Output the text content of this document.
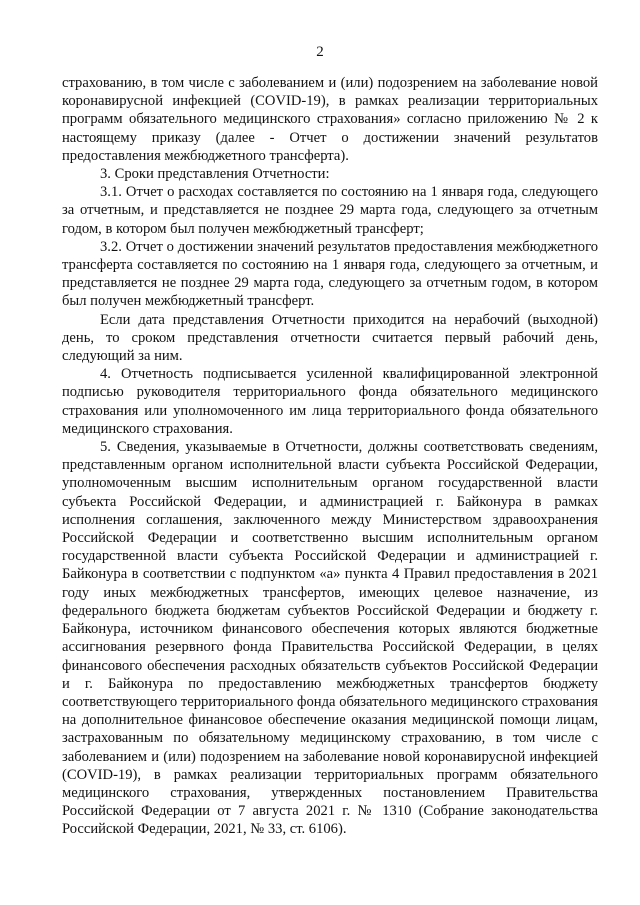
2

страхованию, в том числе с заболеванием и (или) подозрением на заболевание новой коронавирусной инфекцией (COVID-19), в рамках реализации территориальных программ обязательного медицинского страхования» согласно приложению № 2 к настоящему приказу (далее - Отчет о достижении значений результатов предоставления межбюджетного трансферта).

3. Сроки представления Отчетности:

3.1. Отчет о расходах составляется по состоянию на 1 января года, следующего за отчетным, и представляется не позднее 29 марта года, следующего за отчетным годом, в котором был получен межбюджетный трансферт;

3.2. Отчет о достижении значений результатов предоставления межбюджетного трансферта составляется по состоянию на 1 января года, следующего за отчетным, и представляется не позднее 29 марта года, следующего за отчетным годом, в котором был получен межбюджетный трансферт.

Если дата представления Отчетности приходится на нерабочий (выходной) день, то сроком представления отчетности считается первый рабочий день, следующий за ним.

4. Отчетность подписывается усиленной квалифицированной электронной подписью руководителя территориального фонда обязательного медицинского страхования или уполномоченного им лица территориального фонда обязательного медицинского страхования.

5. Сведения, указываемые в Отчетности, должны соответствовать сведениям, представленным органом исполнительной власти субъекта Российской Федерации, уполномоченным высшим исполнительным органом государственной власти субъекта Российской Федерации, и администрацией г. Байконура в рамках исполнения соглашения, заключенного между Министерством здравоохранения Российской Федерации и соответственно высшим исполнительным органом государственной власти субъекта Российской Федерации и администрацией г. Байконура в соответствии с подпунктом «а» пункта 4 Правил предоставления в 2021 году иных межбюджетных трансфертов, имеющих целевое назначение, из федерального бюджета бюджетам субъектов Российской Федерации и бюджету г. Байконура, источником финансового обеспечения которых являются бюджетные ассигнования резервного фонда Правительства Российской Федерации, в целях финансового обеспечения расходных обязательств субъектов Российской Федерации и г. Байконура по предоставлению межбюджетных трансфертов бюджету соответствующего территориального фонда обязательного медицинского страхования на дополнительное финансовое обеспечение оказания медицинской помощи лицам, застрахованным по обязательному медицинскому страхованию, в том числе с заболеванием и (или) подозрением на заболевание новой коронавирусной инфекцией (COVID-19), в рамках реализации территориальных программ обязательного медицинского страхования, утвержденных постановлением Правительства Российской Федерации от 7 августа 2021 г. № 1310 (Собрание законодательства Российской Федерации, 2021, № 33, ст. 6106).
